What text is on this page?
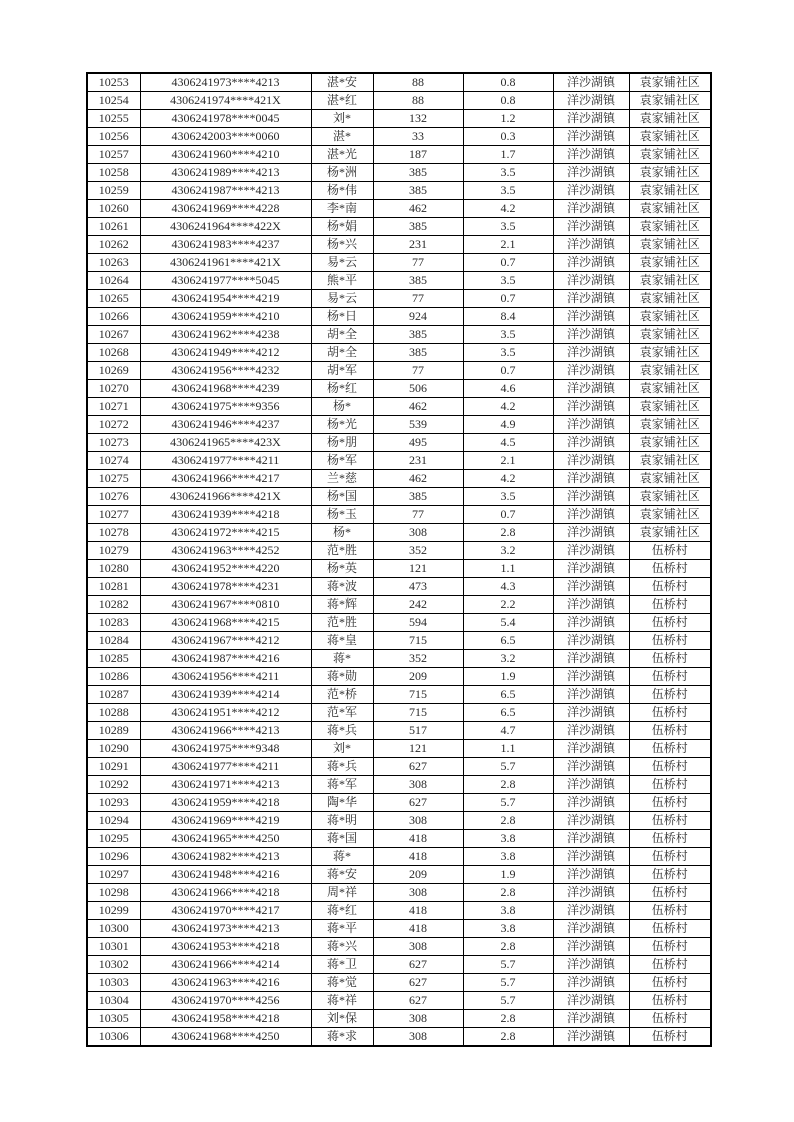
10253	4306241973****4213	湛*安	88	0.8	洋沙湖镇	袁家铺社区
10254	4306241974****421X	湛*红	88	0.8	洋沙湖镇	袁家铺社区
10255	4306241978****0045	刘*	132	1.2	洋沙湖镇	袁家铺社区
10256	4306242003****0060	湛*	33	0.3	洋沙湖镇	袁家铺社区
10257	4306241960****4210	湛*光	187	1.7	洋沙湖镇	袁家铺社区
10258	4306241989****4213	杨*洲	385	3.5	洋沙湖镇	袁家铺社区
10259	4306241987****4213	杨*伟	385	3.5	洋沙湖镇	袁家铺社区
10260	4306241969****4228	李*南	462	4.2	洋沙湖镇	袁家铺社区
10261	4306241964****422X	杨*娟	385	3.5	洋沙湖镇	袁家铺社区
10262	4306241983****4237	杨*兴	231	2.1	洋沙湖镇	袁家铺社区
10263	4306241961****421X	易*云	77	0.7	洋沙湖镇	袁家铺社区
10264	4306241977****5045	熊*平	385	3.5	洋沙湖镇	袁家铺社区
10265	4306241954****4219	易*云	77	0.7	洋沙湖镇	袁家铺社区
10266	4306241959****4210	杨*日	924	8.4	洋沙湖镇	袁家铺社区
10267	4306241962****4238	胡*全	385	3.5	洋沙湖镇	袁家铺社区
10268	4306241949****4212	胡*全	385	3.5	洋沙湖镇	袁家铺社区
10269	4306241956****4232	胡*军	77	0.7	洋沙湖镇	袁家铺社区
10270	4306241968****4239	杨*红	506	4.6	洋沙湖镇	袁家铺社区
10271	4306241975****9356	杨*	462	4.2	洋沙湖镇	袁家铺社区
10272	4306241946****4237	杨*光	539	4.9	洋沙湖镇	袁家铺社区
10273	4306241965****423X	杨*朋	495	4.5	洋沙湖镇	袁家铺社区
10274	4306241977****4211	杨*军	231	2.1	洋沙湖镇	袁家铺社区
10275	4306241966****4217	兰*慈	462	4.2	洋沙湖镇	袁家铺社区
10276	4306241966****421X	杨*国	385	3.5	洋沙湖镇	袁家铺社区
10277	4306241939****4218	杨*玉	77	0.7	洋沙湖镇	袁家铺社区
10278	4306241972****4215	杨*	308	2.8	洋沙湖镇	袁家铺社区
10279	4306241963****4252	范*胜	352	3.2	洋沙湖镇	伍桥村
10280	4306241952****4220	杨*英	121	1.1	洋沙湖镇	伍桥村
10281	4306241978****4231	蒋*波	473	4.3	洋沙湖镇	伍桥村
10282	4306241967****0810	蒋*辉	242	2.2	洋沙湖镇	伍桥村
10283	4306241968****4215	范*胜	594	5.4	洋沙湖镇	伍桥村
10284	4306241967****4212	蒋*皇	715	6.5	洋沙湖镇	伍桥村
10285	4306241987****4216	蒋*	352	3.2	洋沙湖镇	伍桥村
10286	4306241956****4211	蒋*勋	209	1.9	洋沙湖镇	伍桥村
10287	4306241939****4214	范*桥	715	6.5	洋沙湖镇	伍桥村
10288	4306241951****4212	范*军	715	6.5	洋沙湖镇	伍桥村
10289	4306241966****4213	蒋*兵	517	4.7	洋沙湖镇	伍桥村
10290	4306241975****9348	刘*	121	1.1	洋沙湖镇	伍桥村
10291	4306241977****4211	蒋*兵	627	5.7	洋沙湖镇	伍桥村
10292	4306241971****4213	蒋*军	308	2.8	洋沙湖镇	伍桥村
10293	4306241959****4218	陶*华	627	5.7	洋沙湖镇	伍桥村
10294	4306241969****4219	蒋*明	308	2.8	洋沙湖镇	伍桥村
10295	4306241965****4250	蒋*国	418	3.8	洋沙湖镇	伍桥村
10296	4306241982****4213	蒋*	418	3.8	洋沙湖镇	伍桥村
10297	4306241948****4216	蒋*安	209	1.9	洋沙湖镇	伍桥村
10298	4306241966****4218	周*祥	308	2.8	洋沙湖镇	伍桥村
10299	4306241970****4217	蒋*红	418	3.8	洋沙湖镇	伍桥村
10300	4306241973****4213	蒋*平	418	3.8	洋沙湖镇	伍桥村
10301	4306241953****4218	蒋*兴	308	2.8	洋沙湖镇	伍桥村
10302	4306241966****4214	蒋*卫	627	5.7	洋沙湖镇	伍桥村
10303	4306241963****4216	蒋*觉	627	5.7	洋沙湖镇	伍桥村
10304	4306241970****4256	蒋*祥	627	5.7	洋沙湖镇	伍桥村
10305	4306241958****4218	刘*保	308	2.8	洋沙湖镇	伍桥村
10306	4306241968****4250	蒋*求	308	2.8	洋沙湖镇	伍桥村
